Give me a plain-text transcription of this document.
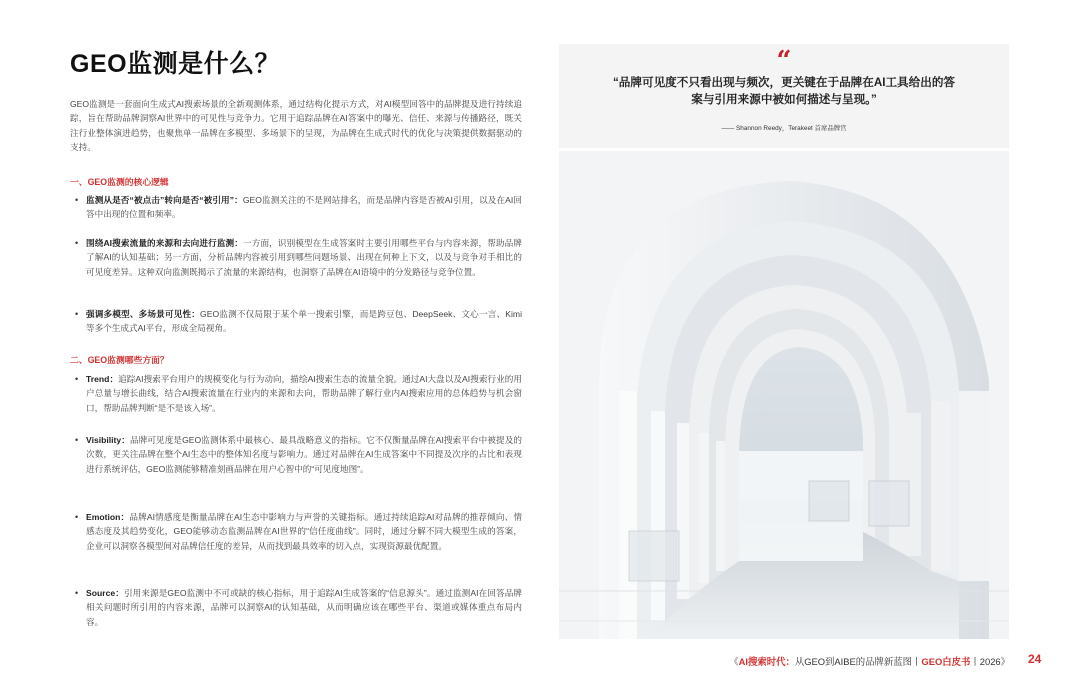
GEO监测是什么？

GEO监测是一套面向生成式AI搜索场景的全新观测体系，通过结构化提示方式，对AI模型回答中的品牌提及进行持续追踪，旨在帮助品牌洞察AI世界中的可见性与竞争力。它用于追踪品牌在AI答案中的曝光、信任、来源与传播路径，既关注行业整体演进趋势，也聚焦单一品牌在多模型、多场景下的呈现，为品牌在生成式时代的优化与决策提供数据驱动的支持。

一、GEO监测的核心逻辑

• 监测从是否“被点击”转向是否“被引用”：GEO监测关注的不是网站排名，而是品牌内容是否被AI引用，以及在AI回答中出现的位置和频率。
• 围绕AI搜索流量的来源和去向进行监测：一方面，识别模型在生成答案时主要引用哪些平台与内容来源，帮助品牌了解AI的认知基础；另一方面，分析品牌内容被引用到哪些问题场景、出现在何种上下文，以及与竞争对手相比的可见度差异。这种双向监测既揭示了流量的来源结构，也洞察了品牌在AI语境中的分发路径与竞争位置。
• 强调多模型、多场景可见性：GEO监测不仅局限于某个单一搜索引擎，而是跨豆包、DeepSeek、文心一言、Kimi等多个生成式AI平台，形成全局视角。

二、GEO监测哪些方面？

• Trend：追踪AI搜索平台用户的规模变化与行为动向，描绘AI搜索生态的流量全貌。通过AI大盘以及AI搜索行业的用户总量与增长曲线，结合AI搜索流量在行业内的来源和去向，帮助品牌了解行业内AI搜索应用的总体趋势与机会窗口，帮助品牌判断“是不是该入场”。
• Visibility：品牌可见度是GEO监测体系中最核心、最具战略意义的指标。它不仅衡量品牌在AI搜索平台中被提及的次数，更关注品牌在整个AI生态中的整体知名度与影响力。通过对品牌在AI生成答案中不同提及次序的占比和表现进行系统评估，GEO监测能够精准刻画品牌在用户心智中的“可见度地图”。
• Emotion：品牌AI情感度是衡量品牌在AI生态中影响力与声誉的关键指标。通过持续追踪AI对品牌的推荐倾向、情感态度及其趋势变化，GEO能够动态监测品牌在AI世界的“信任度曲线”。同时，通过分解不同大模型生成的答案，企业可以洞察各模型间对品牌信任度的差异，从而找到最具效率的切入点，实现资源最优配置。
• Source：引用来源是GEO监测中不可或缺的核心指标，用于追踪AI生成答案的“信息源头”。通过监测AI在回答品牌相关问题时所引用的内容来源，品牌可以洞察AI的认知基础，从而明确应该在哪些平台、渠道或媒体重点布局内容。
“
“品牌可见度不只看出现与频次，更关键在于品牌在AI工具给出的答案与引用来源中被如何描述与呈现。”
—— Shannon Reedy，Terakeet 首席品牌官
《AI搜索时代：从GEO到AIBE的品牌新蓝图丨GEO白皮书丨2026》 24
